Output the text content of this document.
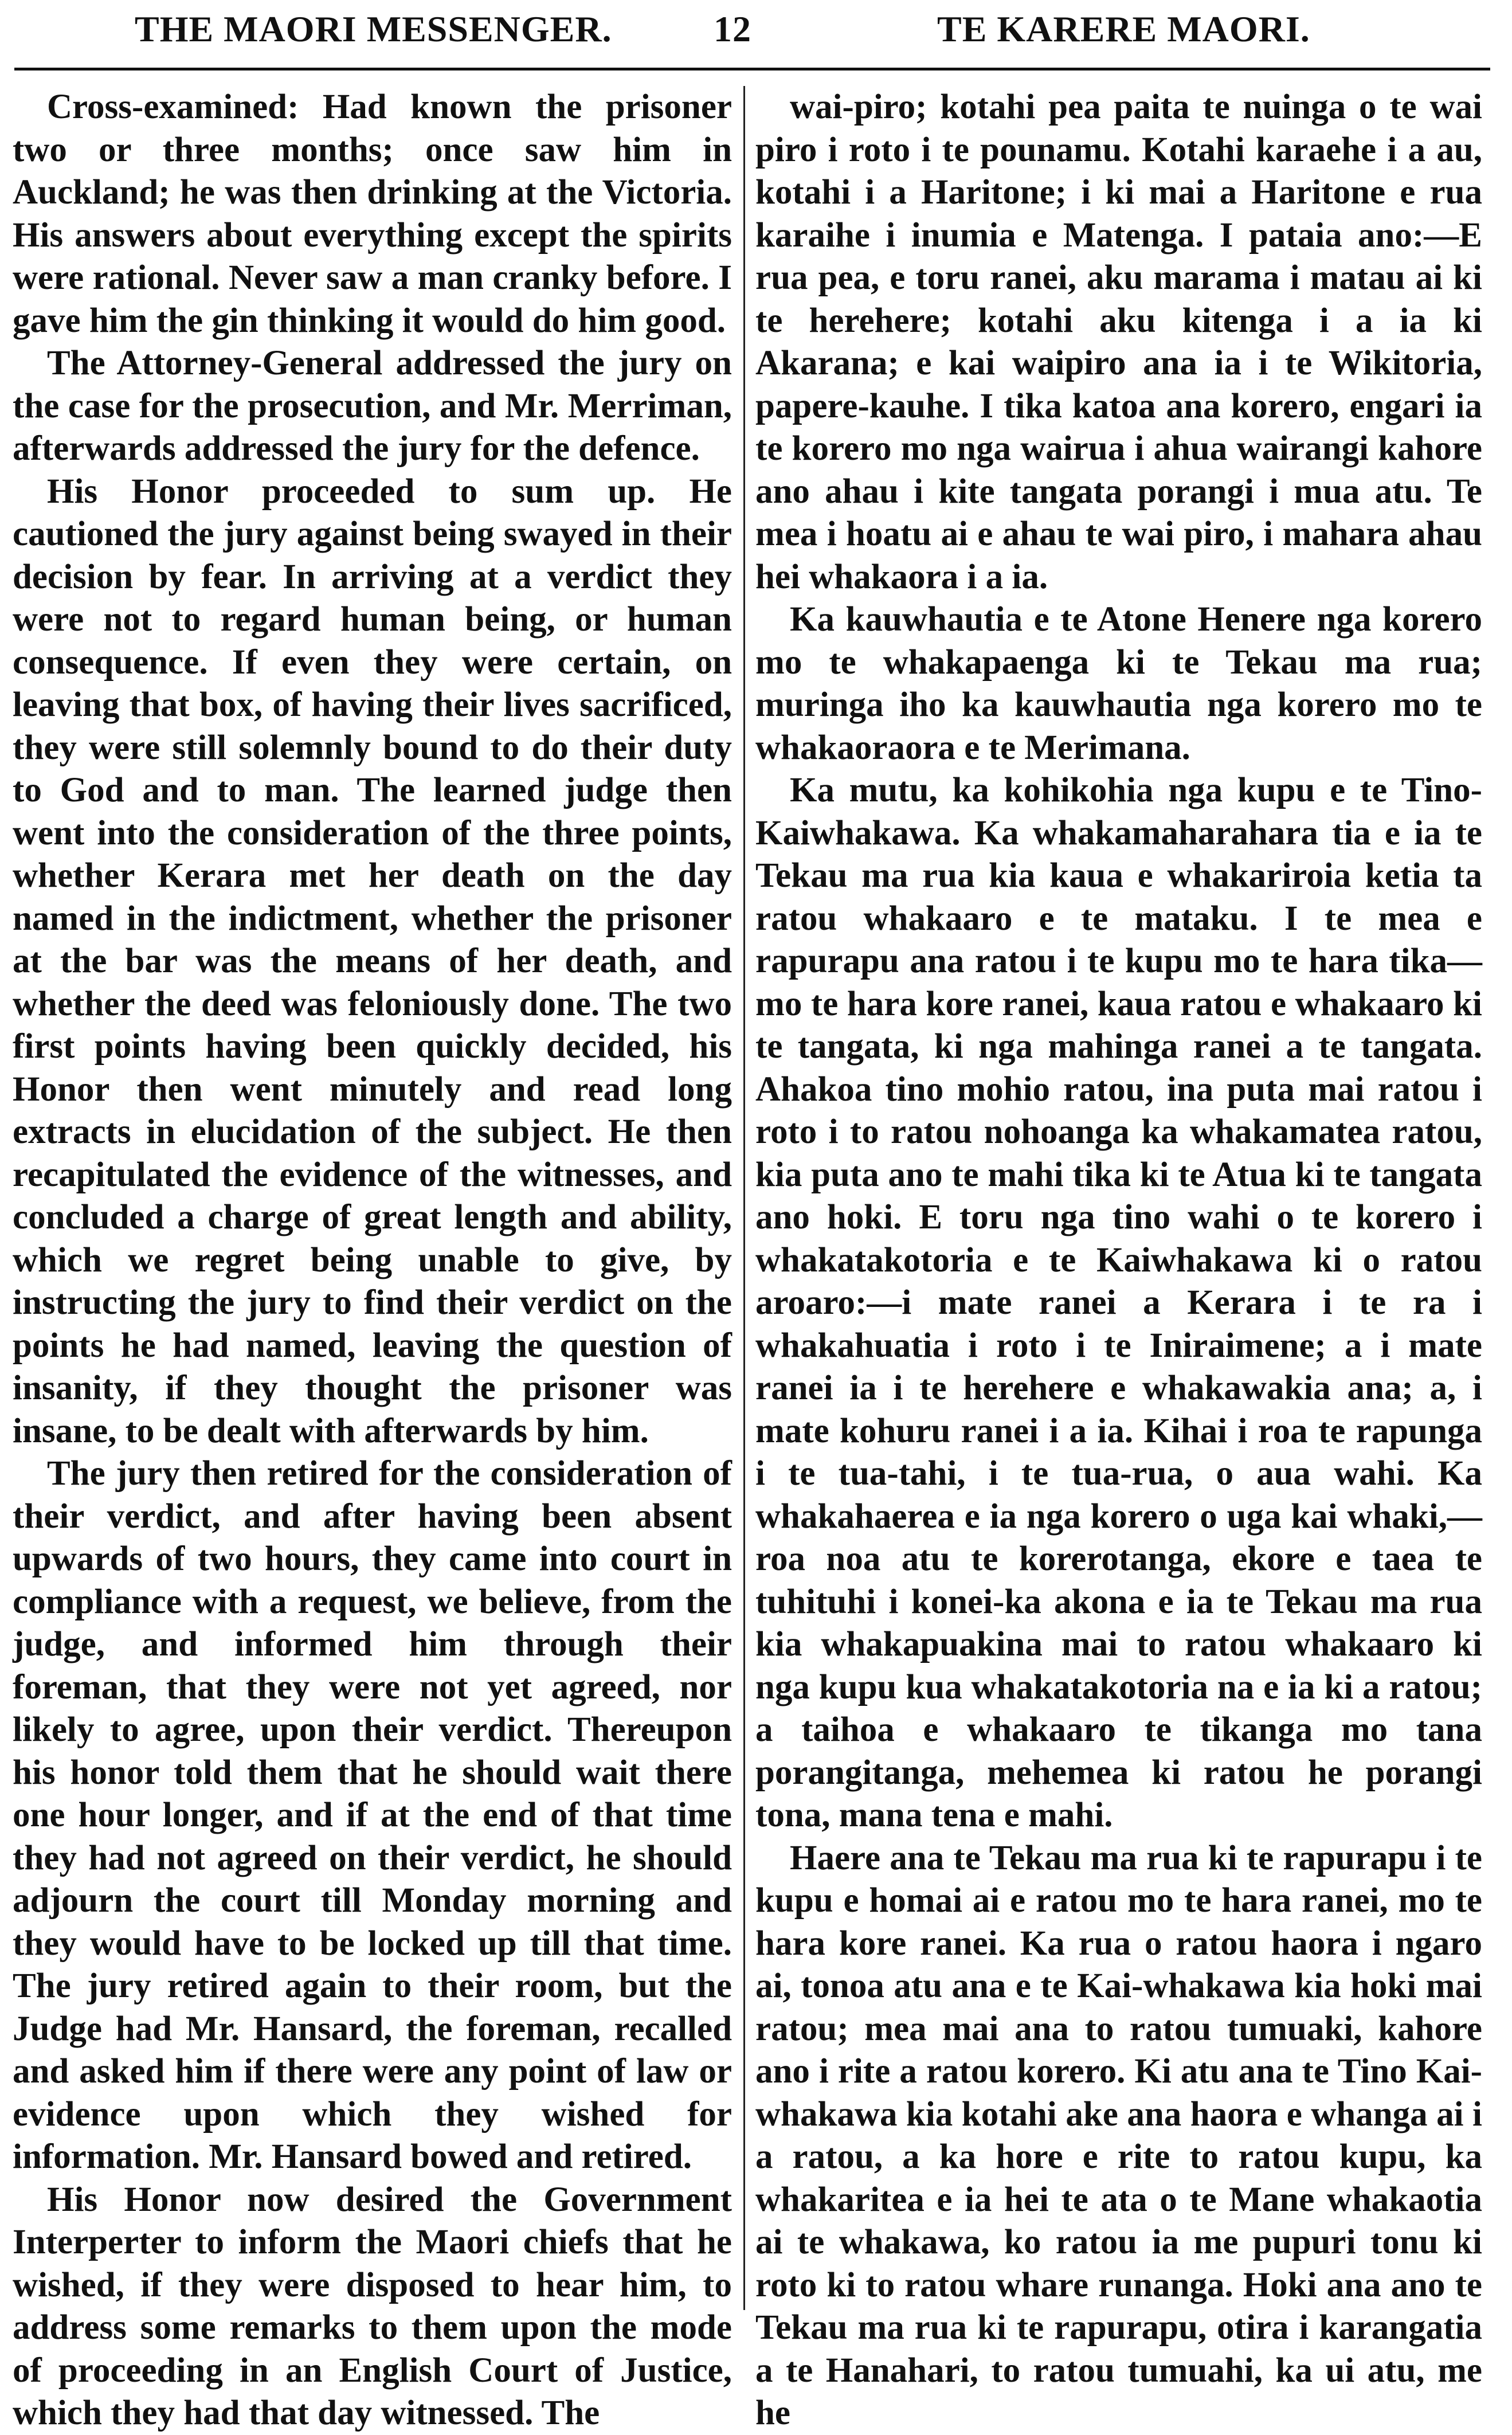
THE MAORI MESSENGER.	12	TE KARERE MAORI.

Cross-examined: Had known the prisoner two or three months; once saw him in Auckland; he was then drinking at the Victoria. His answers about everything except the spirits were rational. Never saw a man cranky before. I gave him the gin thinking it would do him good.

The Attorney-General addressed the jury on the case for the prosecution, and Mr. Merriman, afterwards addressed the jury for the defence.

His Honor proceeded to sum up. He cautioned the jury against being swayed in their decision by fear. In arriving at a verdict they were not to regard human being, or human consequence. If even they were certain, on leaving that box, of having their lives sacrificed, they were still solemnly bound to do their duty to God and to man. The learned judge then went into the consideration of the three points, whether Kerara met her death on the day named in the indictment, whether the prisoner at the bar was the means of her death, and whether the deed was feloniously done. The two first points having been quickly decided, his Honor then went minutely and read long extracts in elucidation of the subject. He then recapitulated the evidence of the witnesses, and concluded a charge of great length and ability, which we regret being unable to give, by instructing the jury to find their verdict on the points he had named, leaving the question of insanity, if they thought the prisoner was insane, to be dealt with afterwards by him.

The jury then retired for the consideration of their verdict, and after having been absent upwards of two hours, they came into court in compliance with a request, we believe, from the judge, and informed him through their foreman, that they were not yet agreed, nor likely to agree, upon their verdict. Thereupon his honor told them that he should wait there one hour longer, and if at the end of that time they had not agreed on their verdict, he should adjourn the court till Monday morning and they would have to be locked up till that time. The jury retired again to their room, but the Judge had Mr. Hansard, the foreman, recalled and asked him if there were any point of law or evidence upon which they wished for information. Mr. Hansard bowed and retired.

His Honor now desired the Government Interperter to inform the Maori chiefs that he wished, if they were disposed to hear him, to address some remarks to them upon the mode of proceeding in an English Court of Justice, which they had that day witnessed. The

wai-piro; kotahi pea paita te nuinga o te wai piro i roto i te pounamu. Kotahi karaehe i a au, kotahi i a Haritone; i ki mai a Haritone e rua karaihe i inumia e Matenga. I pataia ano:—E rua pea, e toru ranei, aku marama i matau ai ki te herehere; kotahi aku kitenga i a ia ki Akarana; e kai waipiro ana ia i te Wikitoria, papere-kauhe. I tika katoa ana korero, engari ia te korero mo nga wairua i ahua wairangi kahore ano ahau i kite tangata porangi i mua atu. Te mea i hoatu ai e ahau te wai piro, i mahara ahau hei whakaora i a ia.

Ka kauwhautia e te Atone Henere nga korero mo te whakapaenga ki te Tekau ma rua; muringa iho ka kauwhautia nga korero mo te whakaoraora e te Merimana.

Ka mutu, ka kohikohia nga kupu e te Tino-Kaiwhakawa. Ka whakamaharahara tia e ia te Tekau ma rua kia kaua e whakariroia ketia ta ratou whakaaro e te mataku. I te mea e rapurapu ana ratou i te kupu mo te hara tika—mo te hara kore ranei, kaua ratou e whakaaro ki te tangata, ki nga mahinga ranei a te tangata. Ahakoa tino mohio ratou, ina puta mai ratou i roto i to ratou nohoanga ka whakamatea ratou, kia puta ano te mahi tika ki te Atua ki te tangata ano hoki. E toru nga tino wahi o te korero i whakatakotoria e te Kaiwhakawa ki o ratou aroaro:—i mate ranei a Kerara i te ra i whakahuatia i roto i te Iniraimene; a i mate ranei ia i te herehere e whakawakia ana; a, i mate kohuru ranei i a ia. Kihai i roa te rapunga i te tua-tahi, i te tua-rua, o aua wahi. Ka whakahaerea e ia nga korero o uga kai whaki,—roa noa atu te korerotanga, ekore e taea te tuhituhi i konei-ka akona e ia te Tekau ma rua kia whakapuakina mai to ratou whakaaro ki nga kupu kua whakatakotoria na e ia ki a ratou; a taihoa e whakaaro te tikanga mo tana porangitanga, mehemea ki ratou he porangi tona, mana tena e mahi.

Haere ana te Tekau ma rua ki te rapurapu i te kupu e homai ai e ratou mo te hara ranei, mo te hara kore ranei. Ka rua o ratou haora i ngaro ai, tonoa atu ana e te Kai-whakawa kia hoki mai ratou; mea mai ana to ratou tumuaki, kahore ano i rite a ratou korero. Ki atu ana te Tino Kai-whakawa kia kotahi ake ana haora e whanga ai i a ratou, a ka hore e rite to ratou kupu, ka whakaritea e ia hei te ata o te Mane whakaotia ai te whakawa, ko ratou ia me pupuri tonu ki roto ki to ratou whare runanga. Hoki ana ano te Tekau ma rua ki te rapurapu, otira i karangatia a te Hanahari, to ratou tumuahi, ka ui atu, me he
